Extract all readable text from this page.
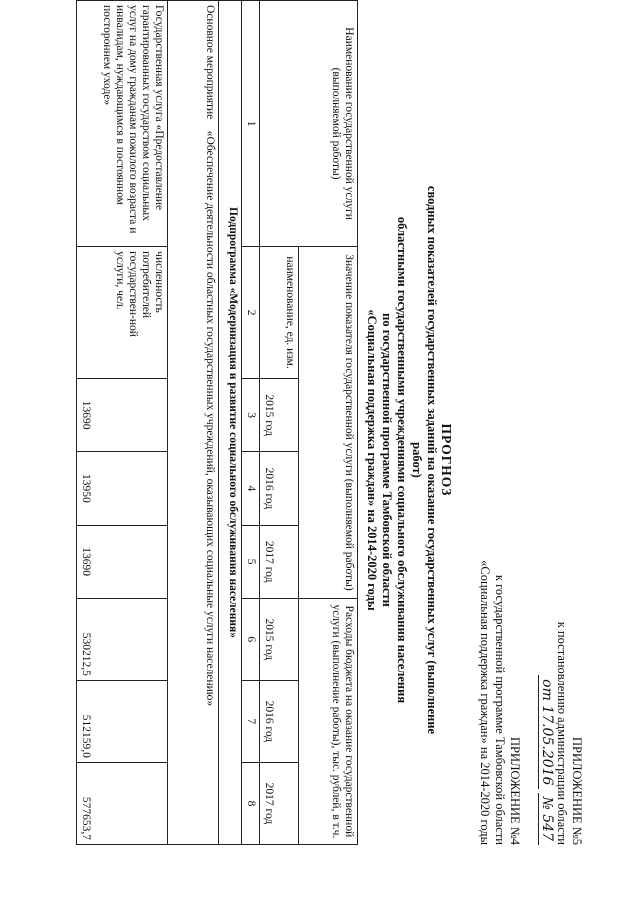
ПРИЛОЖЕНИЕ №5
к постановлению администрации области
от 17.05.2016 № 547
ПРИЛОЖЕНИЕ №4
к государственной программе Тамбовской области
«Социальная поддержка граждан» на 2014-2020 годы
ПРОГНОЗ
сводных показателей государственных заданий на оказание государственных услуг (выполнение работ)
областными государственными учреждениями социального обслуживания населения
по государственной программе Тамбовской области
«Социальная поддержка граждан» на 2014-2020 годы
Наименование государственной услуги (выполняемой работы)	Значение показателя государственной услуги (выполняемой работы)				Расходы бюджета на оказание государственной услуги (выполнение работы), тыс. рублей, в т.ч.		
	наименование, ед. изм.	2015 год	2016 год	2017 год	2015 год	2016 год	2017 год
1	2	3	4	5	6	7	8
Подпрограмма «Модернизация и развитие социального обслуживания населения»							
Основное мероприятие    «Обеспечение деятельности областных государственных учреждений, оказывающих социальные услуги населению»							
Государственная услуга «Предоставление гарантированных государством социальных услуг на дому гражданам пожилого возраста и инвалидам, нуждающимся в постоянном постороннем уходе»	численность потребителей государствен-ной услуги, чел.	13690	13950	13690	530212,5	512159,0	577653,7
